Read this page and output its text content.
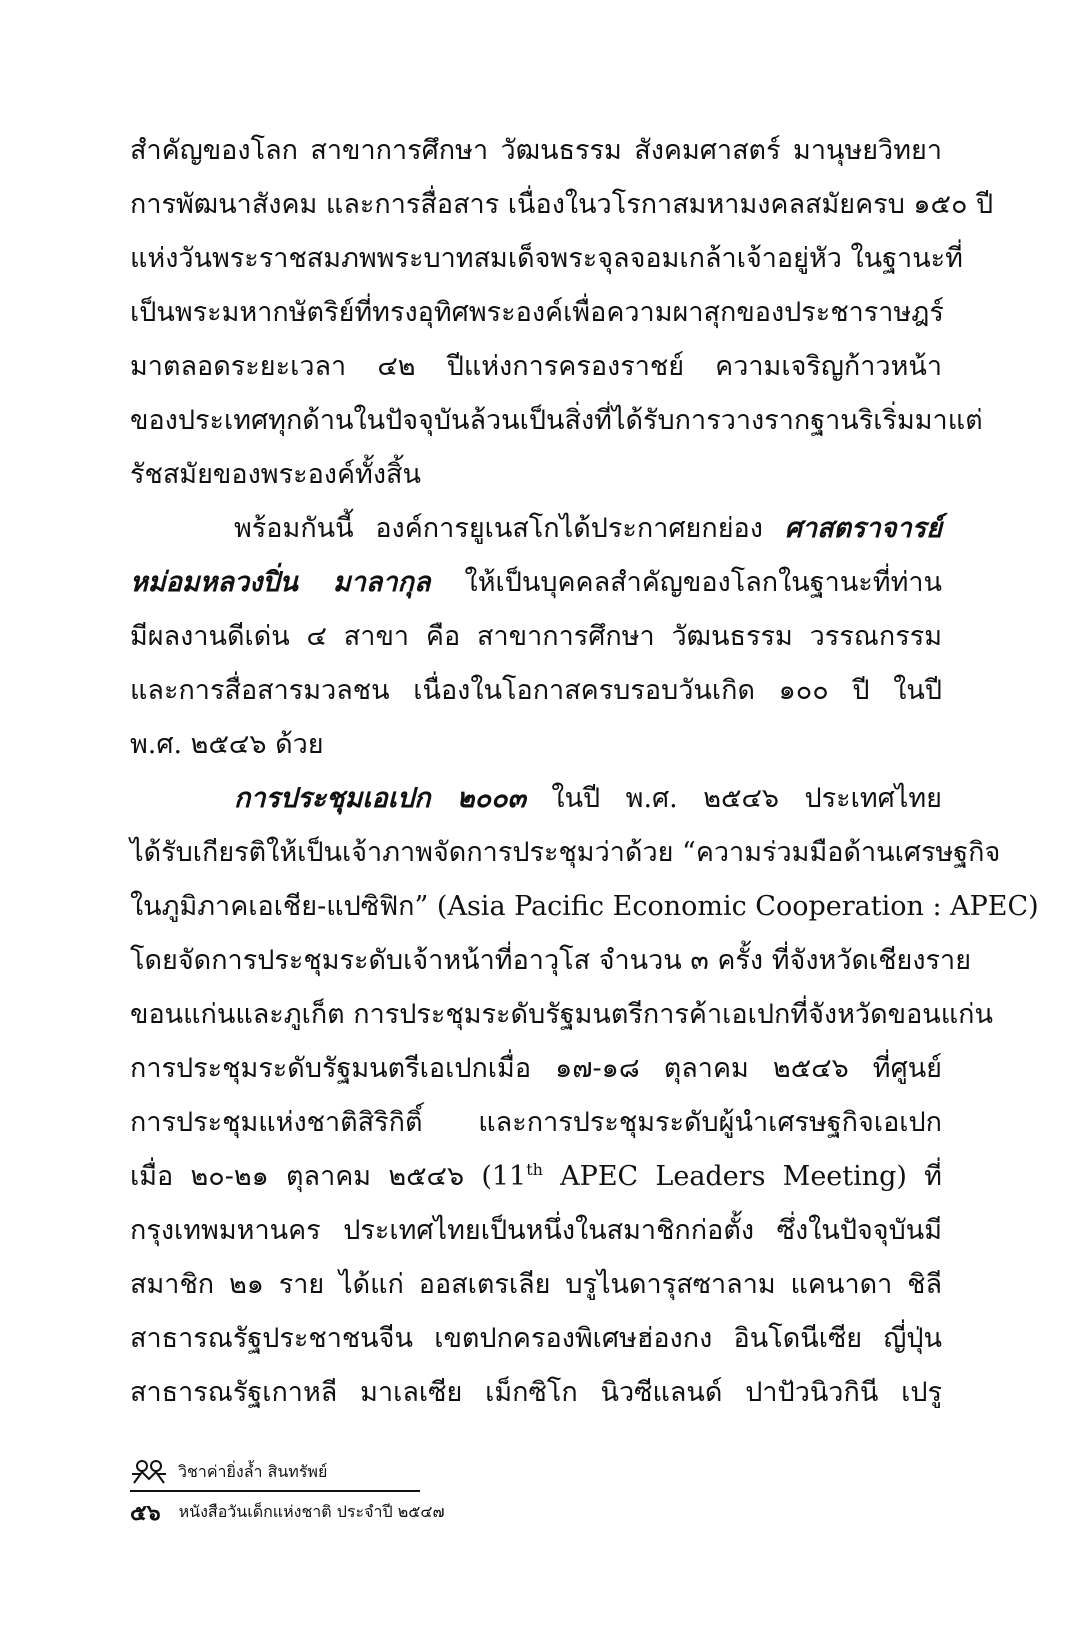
สำคัญของโลก สาขาการศึกษา วัฒนธรรม สังคมศาสตร์ มานุษยวิทยา
การพัฒนาสังคม และการสื่อสาร เนื่องในวโรกาสมหามงคลสมัยครบ ๑๕๐ ปี
แห่งวันพระราชสมภพพระบาทสมเด็จพระจุลจอมเกล้าเจ้าอยู่หัว ในฐานะที่
เป็นพระมหากษัตริย์ที่ทรงอุทิศพระองค์เพื่อความผาสุกของประชาราษฎร์
มาตลอดระยะเวลา ๔๒ ปีแห่งการครองราชย์ ความเจริญก้าวหน้า
ของประเทศทุกด้านในปัจจุบันล้วนเป็นสิ่งที่ได้รับการวางรากฐานริเริ่มมาแต่
รัชสมัยของพระองค์ทั้งสิ้น
พร้อมกันนี้ องค์การยูเนสโกได้ประกาศยกย่อง ศาสตราจารย์
หม่อมหลวงปิ่น มาลากุล ให้เป็นบุคคลสำคัญของโลกในฐานะที่ท่าน
มีผลงานดีเด่น ๔ สาขา คือ สาขาการศึกษา วัฒนธรรม วรรณกรรม
และการสื่อสารมวลชน เนื่องในโอกาสครบรอบวันเกิด ๑๐๐ ปี ในปี
พ.ศ. ๒๕๔๖ ด้วย
การประชุมเอเปก ๒๐๐๓ ในปี พ.ศ. ๒๕๔๖ ประเทศไทย
ได้รับเกียรติให้เป็นเจ้าภาพจัดการประชุมว่าด้วย “ความร่วมมือด้านเศรษฐกิจ
ในภูมิภาคเอเชีย-แปซิฟิก” (Asia Pacific Economic Cooperation : APEC)
โดยจัดการประชุมระดับเจ้าหน้าที่อาวุโส จำนวน ๓ ครั้ง ที่จังหวัดเชียงราย
ขอนแก่นและภูเก็ต การประชุมระดับรัฐมนตรีการค้าเอเปกที่จังหวัดขอนแก่น
การประชุมระดับรัฐมนตรีเอเปกเมื่อ ๑๗-๑๘ ตุลาคม ๒๕๔๖ ที่ศูนย์
การประชุมแห่งชาติสิริกิติ์ และการประชุมระดับผู้นำเศรษฐกิจเอเปก
เมื่อ ๒๐-๒๑ ตุลาคม ๒๕๔๖ (11th APEC Leaders Meeting) ที่
กรุงเทพมหานคร ประเทศไทยเป็นหนึ่งในสมาชิกก่อตั้ง ซึ่งในปัจจุบันมี
สมาชิก ๒๑ ราย ได้แก่ ออสเตรเลีย บรูไนดารุสซาลาม แคนาดา ชิลี
สาธารณรัฐประชาชนจีน เขตปกครองพิเศษฮ่องกง อินโดนีเซีย ญี่ปุ่น
สาธารณรัฐเกาหลี มาเลเซีย เม็กซิโก นิวซีแลนด์ ปาปัวนิวกินี เปรู
วิชาค่ายิ่งล้ำ สินทรัพย์
๕๖ หนังสือวันเด็กแห่งชาติ ประจำปี ๒๕๔๗
